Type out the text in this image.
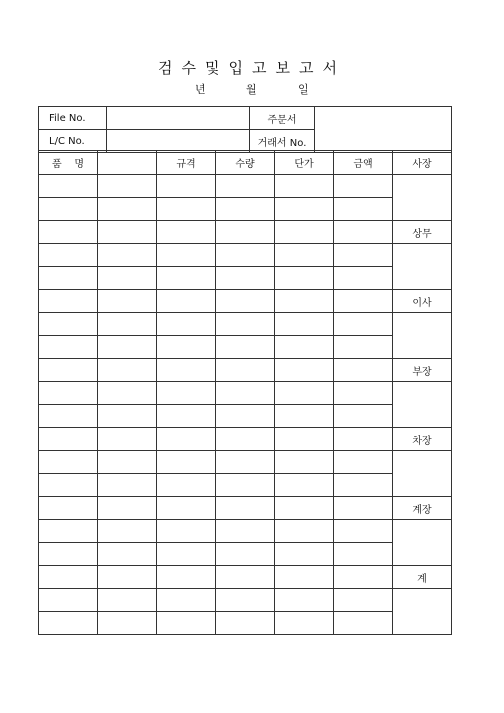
검수및입고보고서
년	월	일
File No.		주문서	
L/C No.		거래서 No.	
품    명		규격	수량	단가	금액	사장

						상무

						이사

						부장

						차장

						계장

						계
